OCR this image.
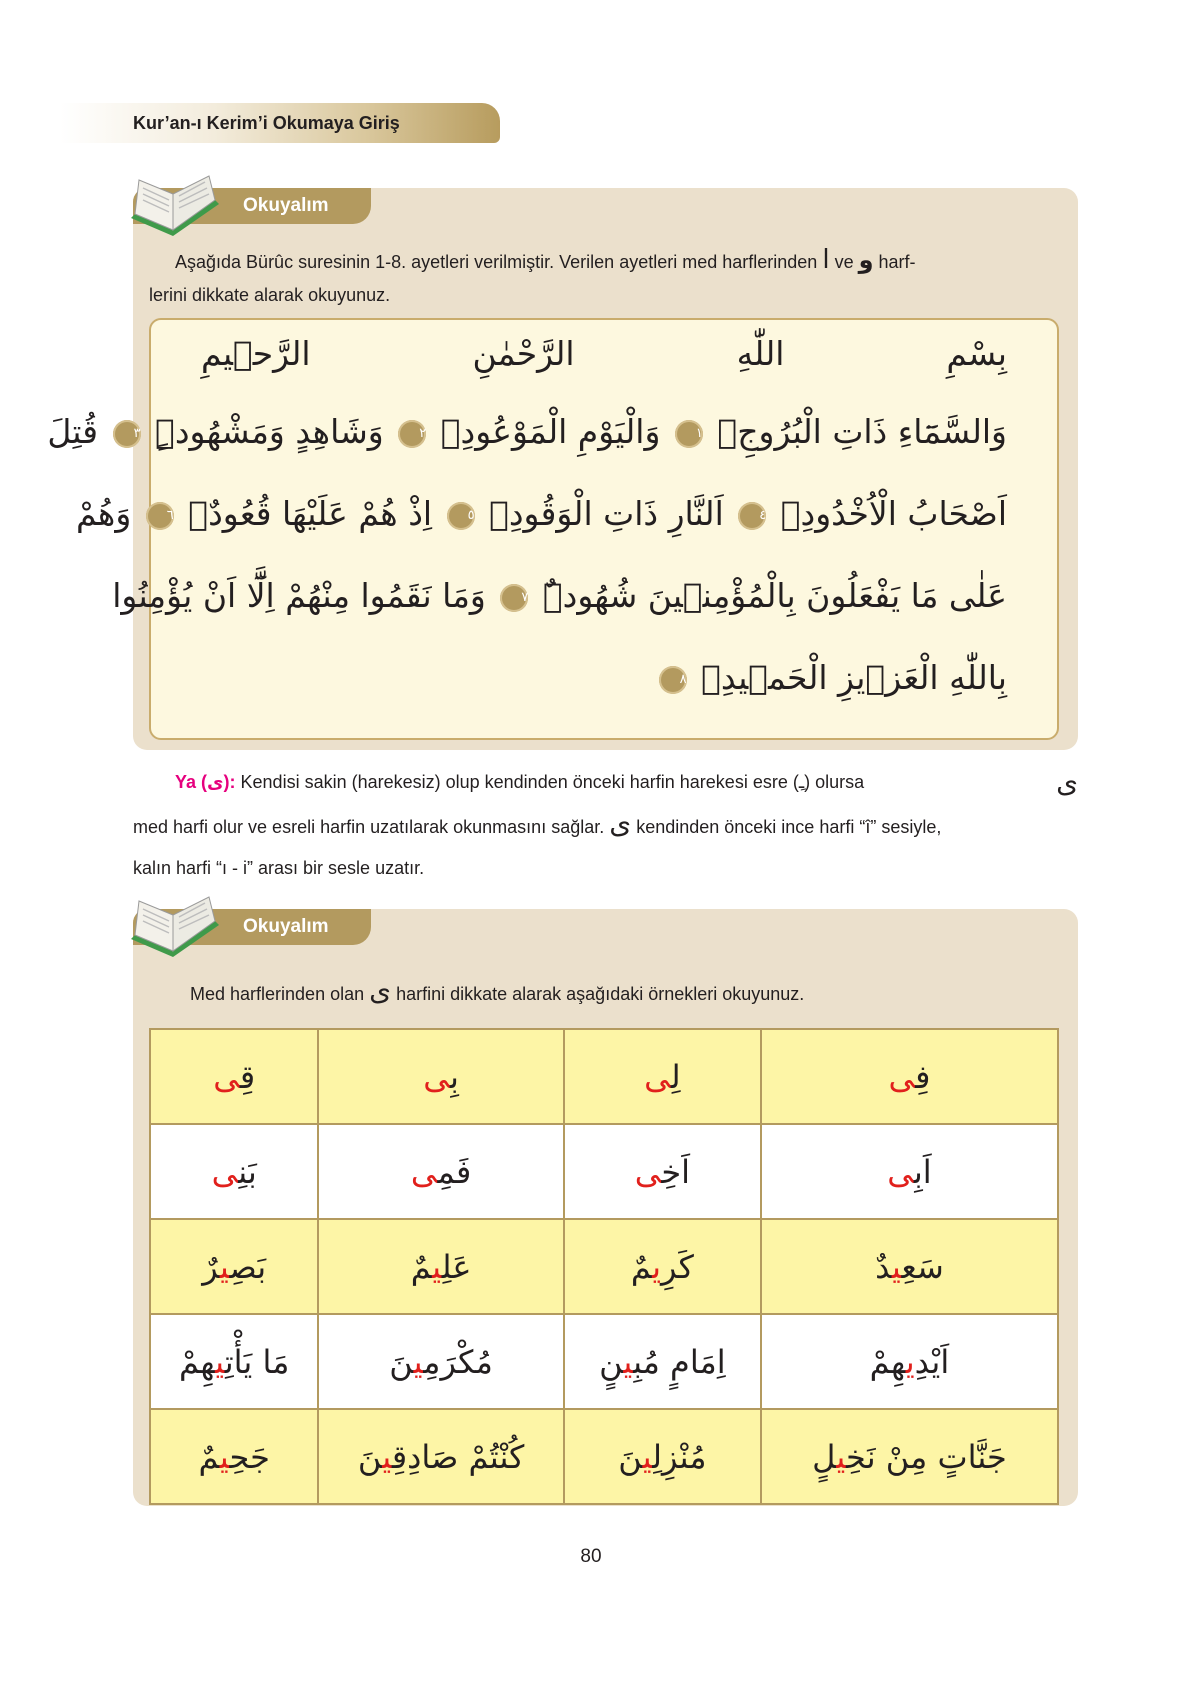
Kur’an-ı Kerim’i Okumaya Giriş
Okuyalım
Aşağıda Bürûc suresinin 1-8. ayetleri verilmiştir. Verilen ayetleri med harflerinden ا ve و harf-
lerini dikkate alarak okuyunuz.
بِسْمِ اللّٰهِ الرَّحْمٰنِ الرَّح۪يمِ
وَالسَّمَٓاءِ ذَاتِ الْبُرُوجِۙ ١ وَالْيَوْمِ الْمَوْعُودِۙ ٢ وَشَاهِدٍ وَمَشْهُودٍۜ ٣ قُتِلَ
اَصْحَابُ الْاُخْدُودِۙ ٤ اَلنَّارِ ذَاتِ الْوَقُودِۙ ٥ اِذْ هُمْ عَلَيْهَا قُعُودٌۙ ٦ وَهُمْ
عَلٰى مَا يَفْعَلُونَ بِالْمُؤْمِن۪ينَ شُهُودٌۜ ٧ وَمَا نَقَمُوا مِنْهُمْ اِلَّٓا اَنْ يُؤْمِنُوا
بِاللّٰهِ الْعَز۪يزِ الْحَم۪يدِۙ ٨
Ya (ى): Kendisi sakin (harekesiz) olup kendinden önceki harfin harekesi esre (ِـ) olursa	ى
med harfi olur ve esreli harfin uzatılarak okunmasını sağlar. ى kendinden önceki ince harfi “î” sesiyle,
kalın harfi “ı - i” arası bir sesle uzatır.
Okuyalım
Med harflerinden olan ى harfini dikkate alarak aşağıdaki örnekleri okuyunuz.
فِى	لِى	بِى	قِى
اَبِى	اَخِى	فَمِى	بَنِى
سَعِيدٌ	كَرِيمٌ	عَلِيمٌ	بَصِيرٌ
اَيْدِيهِمْ	اِمَامٍ مُبِينٍ	مُكْرَمِينَ	مَا يَأْتِيهِمْ
جَنَّاتٍ مِنْ نَخِيلٍ	مُنْزِلِينَ	كُنْتُمْ صَادِقِينَ	جَحِيمٌ
80
